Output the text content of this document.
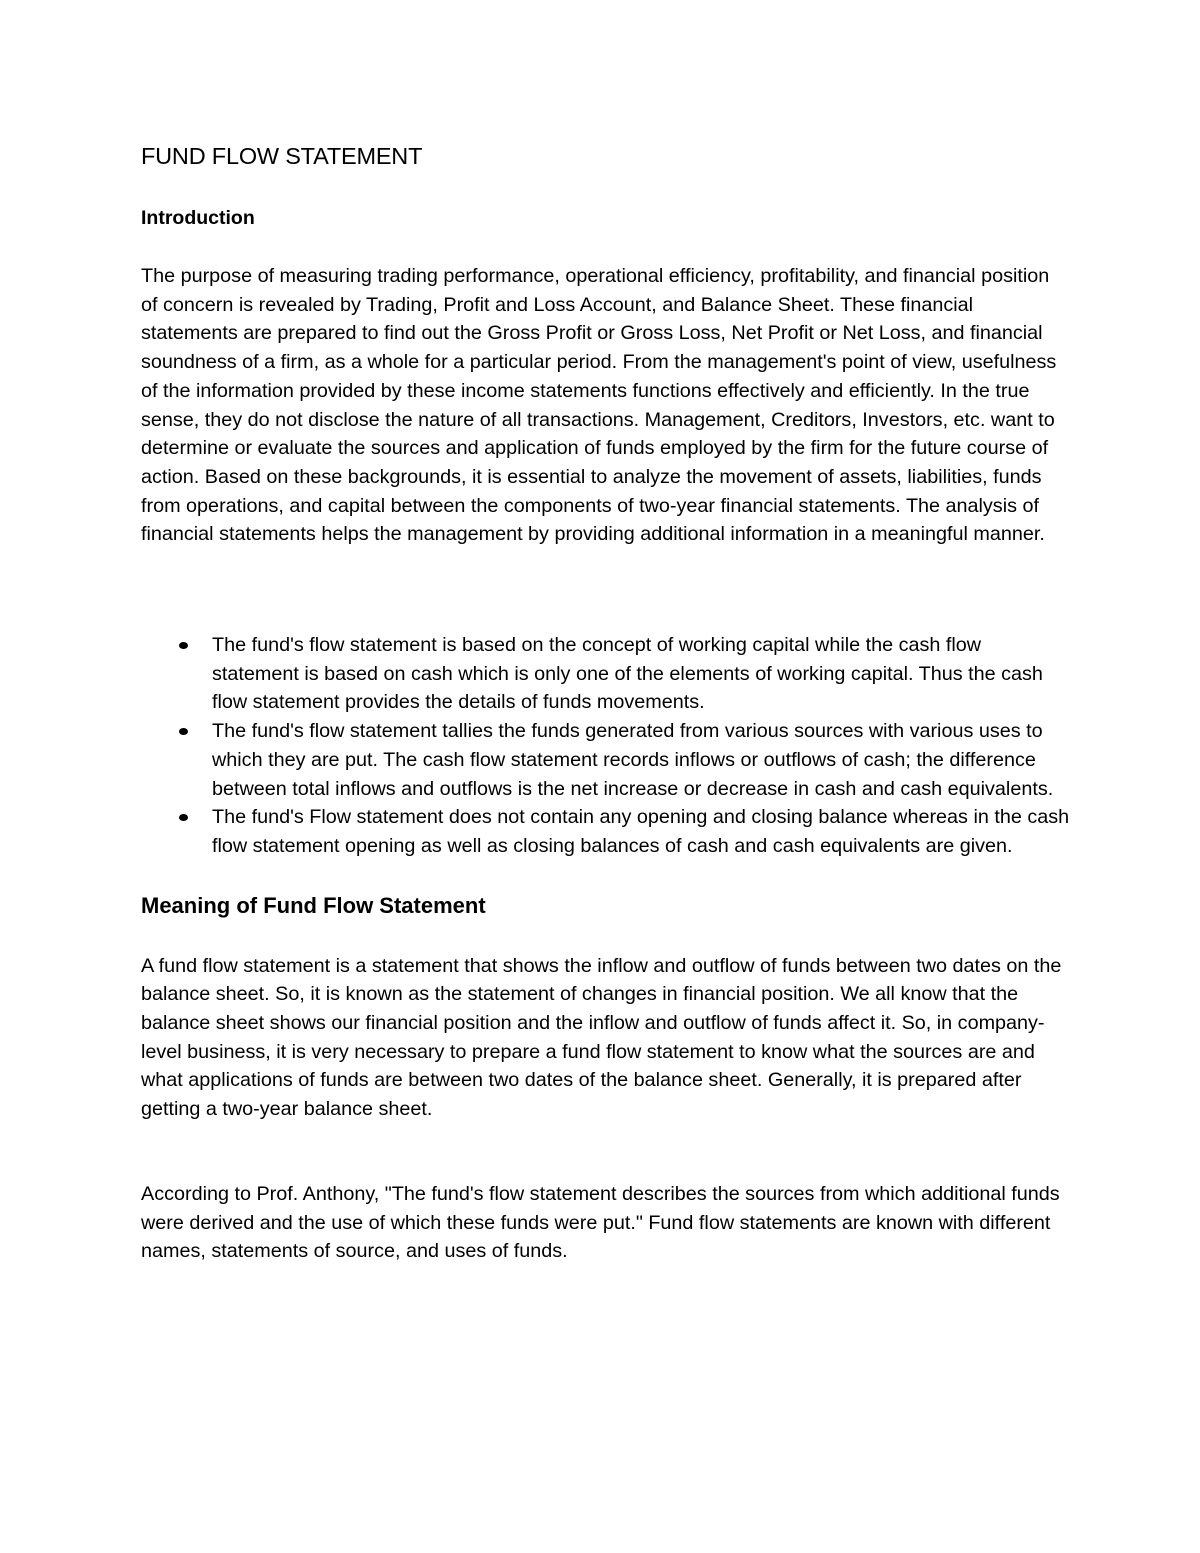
FUND FLOW STATEMENT
Introduction

The purpose of measuring trading performance, operational efficiency, profitability, and financial position of concern is revealed by Trading, Profit and Loss Account, and Balance Sheet. These financial statements are prepared to find out the Gross Profit or Gross Loss, Net Profit or Net Loss, and financial soundness of a firm, as a whole for a particular period. From the management's point of view, usefulness of the information provided by these income statements functions effectively and efficiently. In the true sense, they do not disclose the nature of all transactions. Management, Creditors, Investors, etc. want to determine or evaluate the sources and application of funds employed by the firm for the future course of action. Based on these backgrounds, it is essential to analyze the movement of assets, liabilities, funds from operations, and capital between the components of two-year financial statements. The analysis of financial statements helps the management by providing additional information in a meaningful manner.

The fund's flow statement is based on the concept of working capital while the cash flow statement is based on cash which is only one of the elements of working capital. Thus the cash flow statement provides the details of funds movements.
The fund's flow statement tallies the funds generated from various sources with various uses to which they are put. The cash flow statement records inflows or outflows of cash; the difference between total inflows and outflows is the net increase or decrease in cash and cash equivalents.
The fund's Flow statement does not contain any opening and closing balance whereas in the cash flow statement opening as well as closing balances of cash and cash equivalents are given.
Meaning of Fund Flow Statement

A fund flow statement is a statement that shows the inflow and outflow of funds between two dates on the balance sheet. So, it is known as the statement of changes in financial position. We all know that the balance sheet shows our financial position and the inflow and outflow of funds affect it. So, in company-level business, it is very necessary to prepare a fund flow statement to know what the sources are and what applications of funds are between two dates of the balance sheet. Generally, it is prepared after getting a two-year balance sheet.

According to Prof. Anthony, "The fund's flow statement describes the sources from which additional funds were derived and the use of which these funds were put." Fund flow statements are known with different names, statements of source, and uses of funds.
